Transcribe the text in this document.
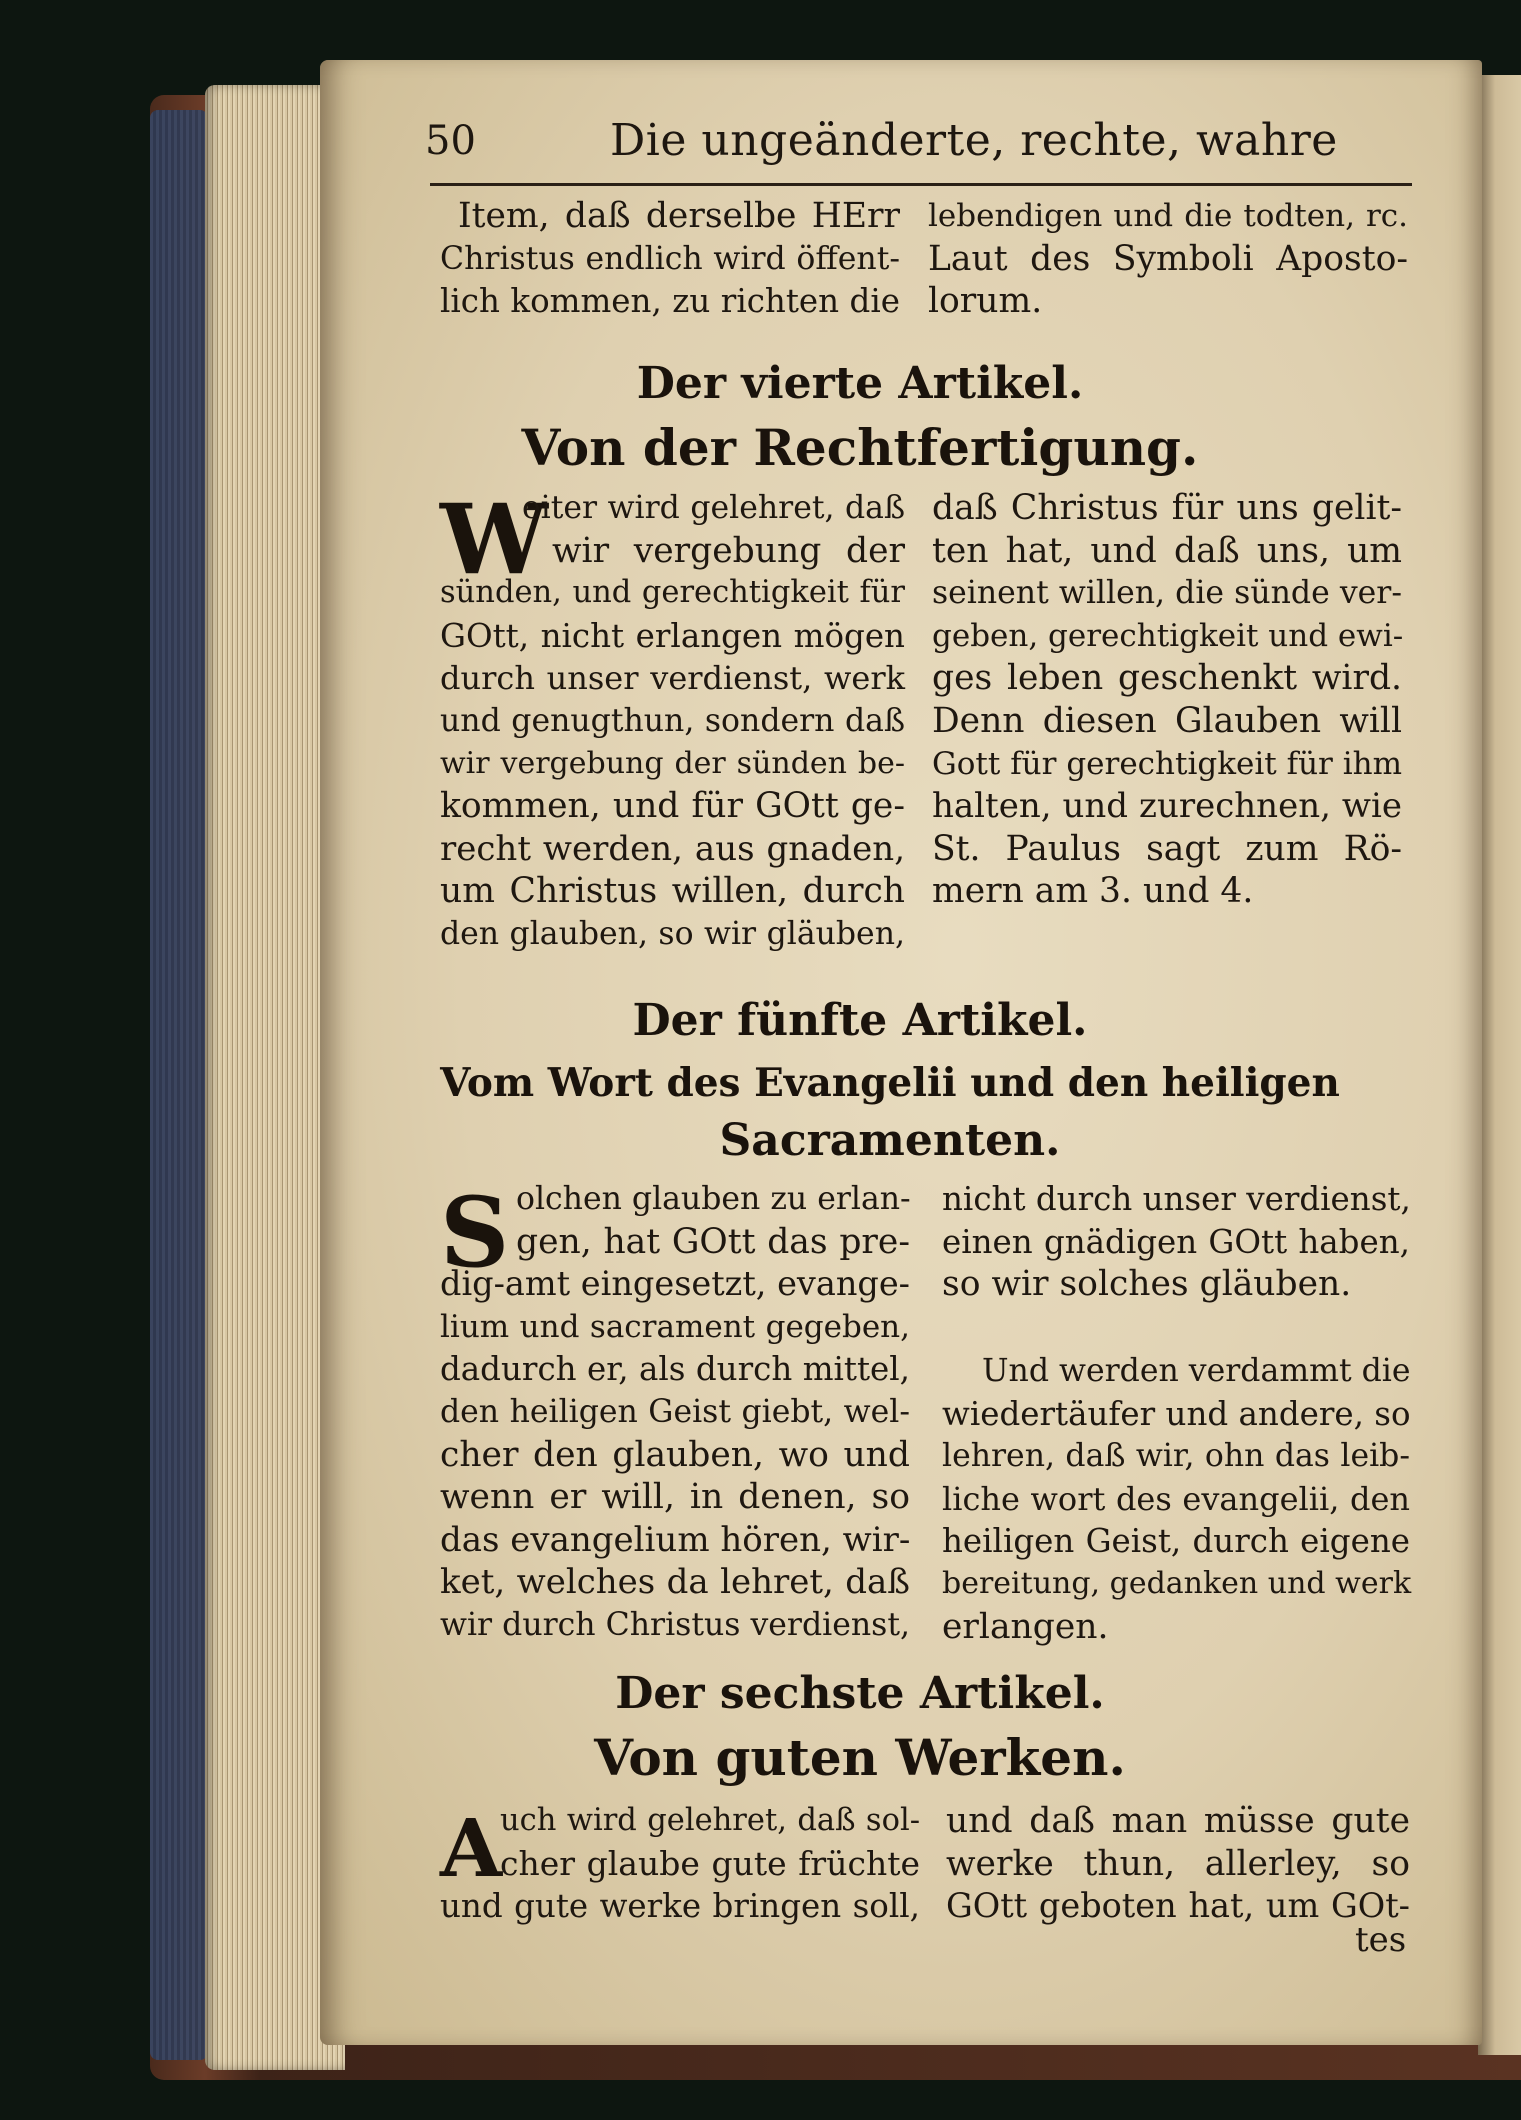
50	Die ungeänderte, rechte, wahre
Item, daß derselbe HErr
Christus endlich wird öffent-
lich kommen, zu richten die
lebendigen und die todten, rc.
Laut des Symboli Aposto-
lorum.
Der vierte Artikel.
Von der Rechtfertigung.
W
eiter wird gelehret, daß
wir vergebung der
sünden, und gerechtigkeit für
GOtt, nicht erlangen mögen
durch unser verdienst, werk
und genugthun, sondern daß
wir vergebung der sünden be-
kommen, und für GOtt ge-
recht werden, aus gnaden,
um Christus willen, durch
den glauben, so wir gläuben,
daß Christus für uns gelit-
ten hat, und daß uns, um
seinent willen, die sünde ver-
geben, gerechtigkeit und ewi-
ges leben geschenkt wird.
Denn diesen Glauben will
Gott für gerechtigkeit für ihm
halten, und zurechnen, wie
St. Paulus sagt zum Rö-
mern am 3. und 4.
Der fünfte Artikel.
Vom Wort des Evangelii und den heiligen
Sacramenten.
S olchen glauben zu erlan-
gen, hat GOtt das pre-
dig-amt eingesetzt, evange-
lium und sacrament gegeben,
dadurch er, als durch mittel,
den heiligen Geist giebt, wel-
cher den glauben, wo und
wenn er will, in denen, so
das evangelium hören, wir-
ket, welches da lehret, daß
wir durch Christus verdienst,
nicht durch unser verdienst,
einen gnädigen GOtt haben,
so wir solches gläuben.
Und werden verdammt die
wiedertäufer und andere, so
lehren, daß wir, ohn das leib-
liche wort des evangelii, den
heiligen Geist, durch eigene
bereitung, gedanken und werk
erlangen.
Der sechste Artikel.
Von guten Werken.
A
uch wird gelehret, daß sol-
cher glaube gute früchte
und gute werke bringen soll,
und daß man müsse gute
werke thun, allerley, so
GOtt geboten hat, um GOt-
tes
